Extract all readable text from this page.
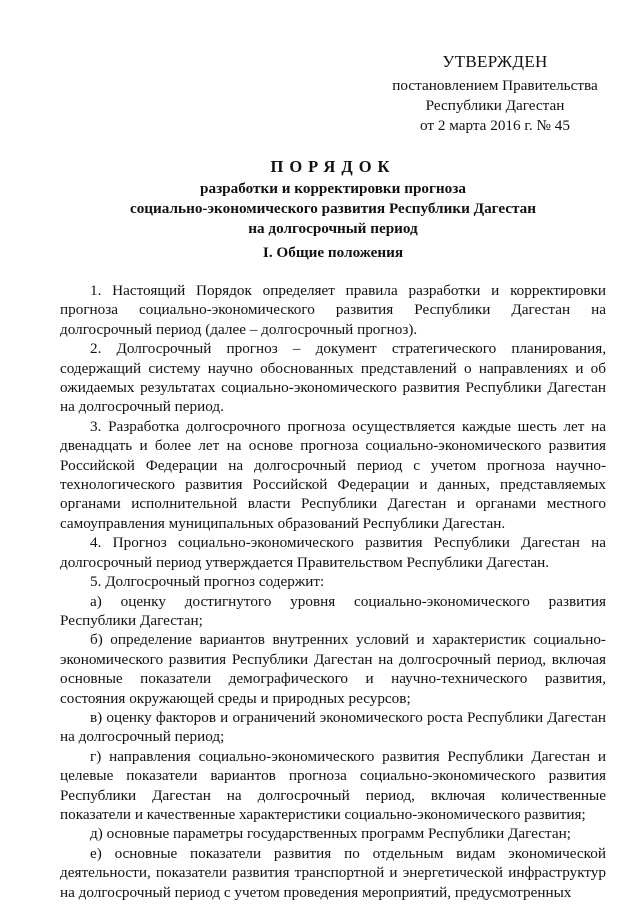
УТВЕРЖДЕН
постановлением Правительства
Республики Дагестан
от 2 марта 2016 г. № 45
ПОРЯДОК
разработки и корректировки прогноза
социально-экономического развития Республики Дагестан
на долгосрочный период
I. Общие положения

1. Настоящий Порядок определяет правила разработки и корректировки прогноза социально-экономического развития Республики Дагестан на долгосрочный период (далее – долгосрочный прогноз).

2. Долгосрочный прогноз – документ стратегического планирования, содержащий систему научно обоснованных представлений о направлениях и об ожидаемых результатах социально-экономического развития Республики Дагестан на долгосрочный период.

3. Разработка долгосрочного прогноза осуществляется каждые шесть лет на двенадцать и более лет на основе прогноза социально-экономического развития Российской Федерации на долгосрочный период с учетом прогноза научно-технологического развития Российской Федерации и данных, представляемых органами исполнительной власти Республики Дагестан и органами местного самоуправления муниципальных образований Республики Дагестан.

4. Прогноз социально-экономического развития Республики Дагестан на долгосрочный период утверждается Правительством Республики Дагестан.

5. Долгосрочный прогноз содержит:

а) оценку достигнутого уровня социально-экономического развития Республики Дагестан;

б) определение вариантов внутренних условий и характеристик социально-экономического развития Республики Дагестан на долгосрочный период, включая основные показатели демографического и научно-технического развития, состояния окружающей среды и природных ресурсов;

в) оценку факторов и ограничений экономического роста Республики Дагестан на долгосрочный период;

г) направления социально-экономического развития Республики Дагестан и целевые показатели вариантов прогноза социально-экономического развития Республики Дагестан на долгосрочный период, включая количественные показатели и качественные характеристики социально-экономического развития;

д) основные параметры государственных программ Республики Дагестан;

е) основные показатели развития по отдельным видам экономической деятельности, показатели развития транспортной и энергетической инфраструктур на долгосрочный период с учетом проведения мероприятий, предусмотренных
